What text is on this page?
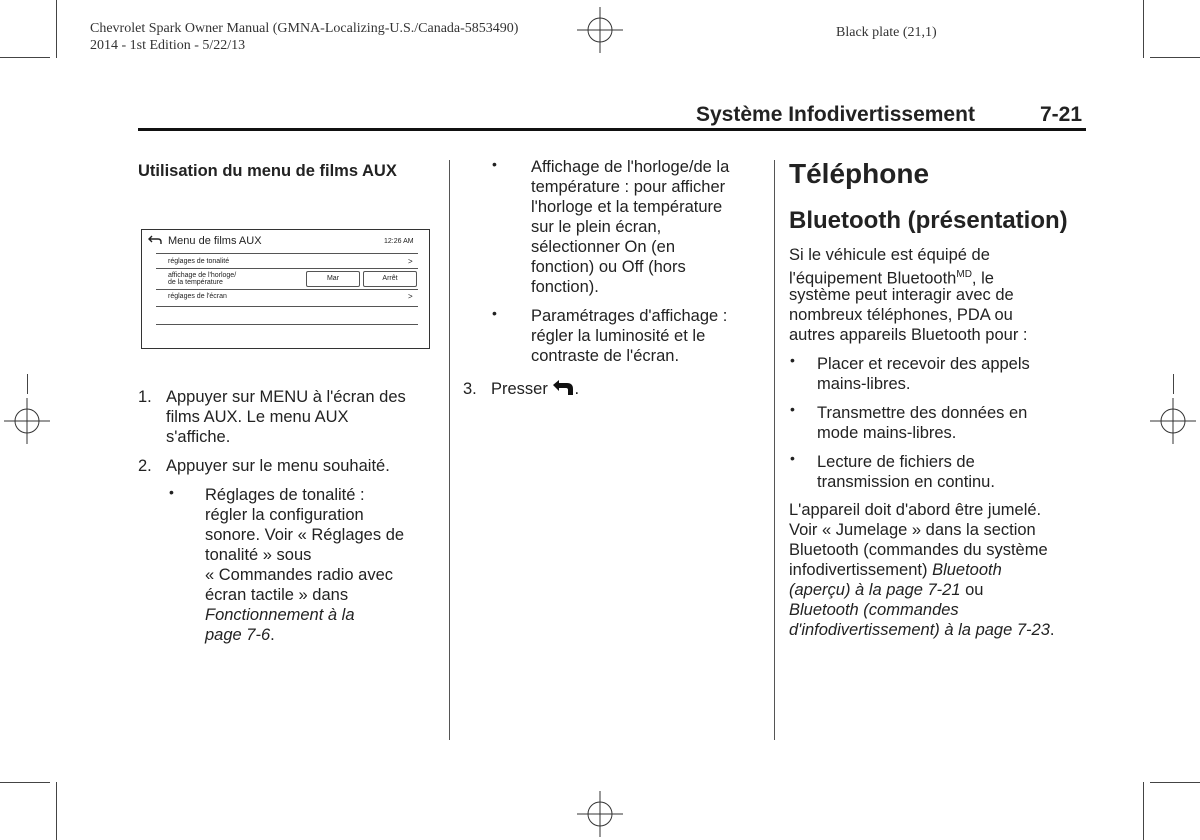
Chevrolet Spark Owner Manual (GMNA-Localizing-U.S./Canada-5853490)
2014 - 1st Edition - 5/22/13
Black plate (21,1)
Système Infodivertissement	7-21
Utilisation du menu de films AUX
Menu de films AUX	12:26 AM
réglages de tonalité	>
affichage de l'horloge/
de la température
Mar	Arrêt
réglages de l'écran	>
1. Appuyer sur MENU à l'écran des
films AUX. Le menu AUX
s'affiche.
2. Appuyer sur le menu souhaité.
• Réglages de tonalité :
régler la configuration
sonore. Voir « Réglages de
tonalité » sous
« Commandes radio avec
écran tactile » dans
Fonctionnement à la
page 7-6.
• Affichage de l'horloge/de la
température : pour afficher
l'horloge et la température
sur le plein écran,
sélectionner On (en
fonction) ou Off (hors
fonction).
• Paramétrages d'affichage :
régler la luminosité et le
contraste de l'écran.
3. Presser .
Téléphone
Bluetooth (présentation)
Si le véhicule est équipé de
l'équipement Bluetooth$^{MD}$, le
système peut interagir avec de
nombreux téléphones, PDA ou
autres appareils Bluetooth pour :
• Placer et recevoir des appels
mains-libres.
• Transmettre des données en
mode mains-libres.
• Lecture de fichiers de
transmission en continu.
L'appareil doit d'abord être jumelé.
Voir « Jumelage » dans la section
Bluetooth (commandes du système
infodivertissement) Bluetooth
(aperçu) à la page 7-21 ou
Bluetooth (commandes
d'infodivertissement) à la page 7-23.
